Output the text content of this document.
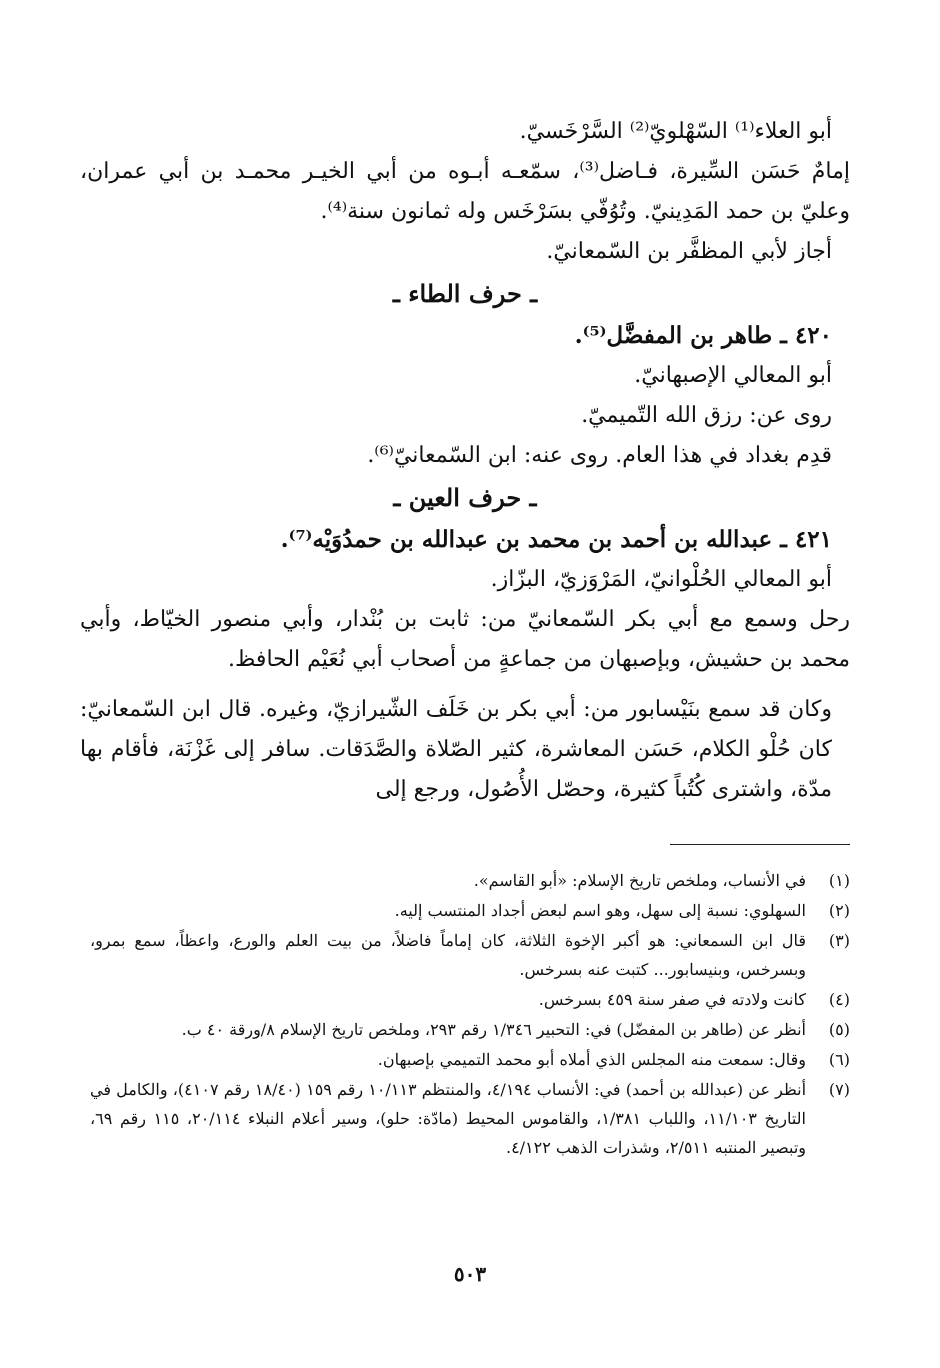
أبو العلاء⁽¹⁾ السّهْلويّ⁽²⁾ السَّرْخَسيّ.

إمامٌ حَسَن السِّيرة، فـاضل⁽³⁾، سمّعـه أبـوه من أبي الخيـر محمـد بن أبي عمران، وعليّ بن حمد المَدِينيّ. وتُوُفّي بسَرْخَس وله ثمانون سنة⁽⁴⁾.

أجاز لأبي المظفَّر بن السّمعانيّ.

ـ حرف الطاء ـ

٤٢٠ ـ طاهر بن المفضَّل⁽⁵⁾.

أبو المعالي الإصبهانيّ.

روى عن: رزق الله التّميميّ.

قدِم بغداد في هذا العام. روى عنه: ابن السّمعانيّ⁽⁶⁾.

ـ حرف العين ـ

٤٢١ ـ عبدالله بن أحمد بن محمد بن عبدالله بن حمدُوَيْه⁽⁷⁾.

أبو المعالي الحُلْوانيّ، المَرْوَزيّ، البزّاز.

رحل وسمع مع أبي بكر السّمعانيّ من: ثابت بن بُنْدار، وأبي منصور الخيّاط، وأبي محمد بن حشيش، وبإصبهان من جماعةٍ من أصحاب أبي نُعَيْم الحافظ.

وكان قد سمع بنَيْسابور من: أبي بكر بن خَلَف الشّيرازيّ، وغيره. قال ابن السّمعانيّ: كان حُلْو الكلام، حَسَن المعاشرة، كثير الصّلاة والصَّدَقات. سافر إلى غَزْنَة، فأقام بها مدّة، واشترى كُتُباً كثيرة، وحصّل الأُصُول، ورجع إلى

(١)
في الأنساب، وملخص تاريخ الإسلام: «أبو القاسم».
(٢)
السهلوي: نسبة إلى سهل، وهو اسم لبعض أجداد المنتسب إليه.
(٣)
قال ابن السمعاني: هو أكبر الإخوة الثلاثة، كان إماماً فاضلاً، من بيت العلم والورع، واعظاً، سمع بمرو، وبسرخس، وبنيسابور... كتبت عنه بسرخس.
(٤)
كانت ولادته في صفر سنة ٤٥٩ بسرخس.
(٥)
أنظر عن (طاهر بن المفضّل) في: التحبير ١/٣٤٦ رقم ٢٩٣، وملخص تاريخ الإسلام ٨/ورقة ٤٠ ب.
(٦)
وقال: سمعت منه المجلس الذي أملاه أبو محمد التميمي بإصبهان.
(٧)
أنظر عن (عبدالله بن أحمد) في: الأنساب ٤/١٩٤، والمنتظم ١٠/١١٣ رقم ١٥٩ (١٨/٤٠ رقم ٤١٠٧)، والكامل في التاريخ ١١/١٠٣، واللباب ١/٣٨١، والقاموس المحيط (مادّة: حلو)، وسير أعلام النبلاء ٢٠/١١٤، ١١٥ رقم ٦٩، وتبصير المنتبه ٢/٥١١، وشذرات الذهب ٤/١٢٢.
٥٠٣
